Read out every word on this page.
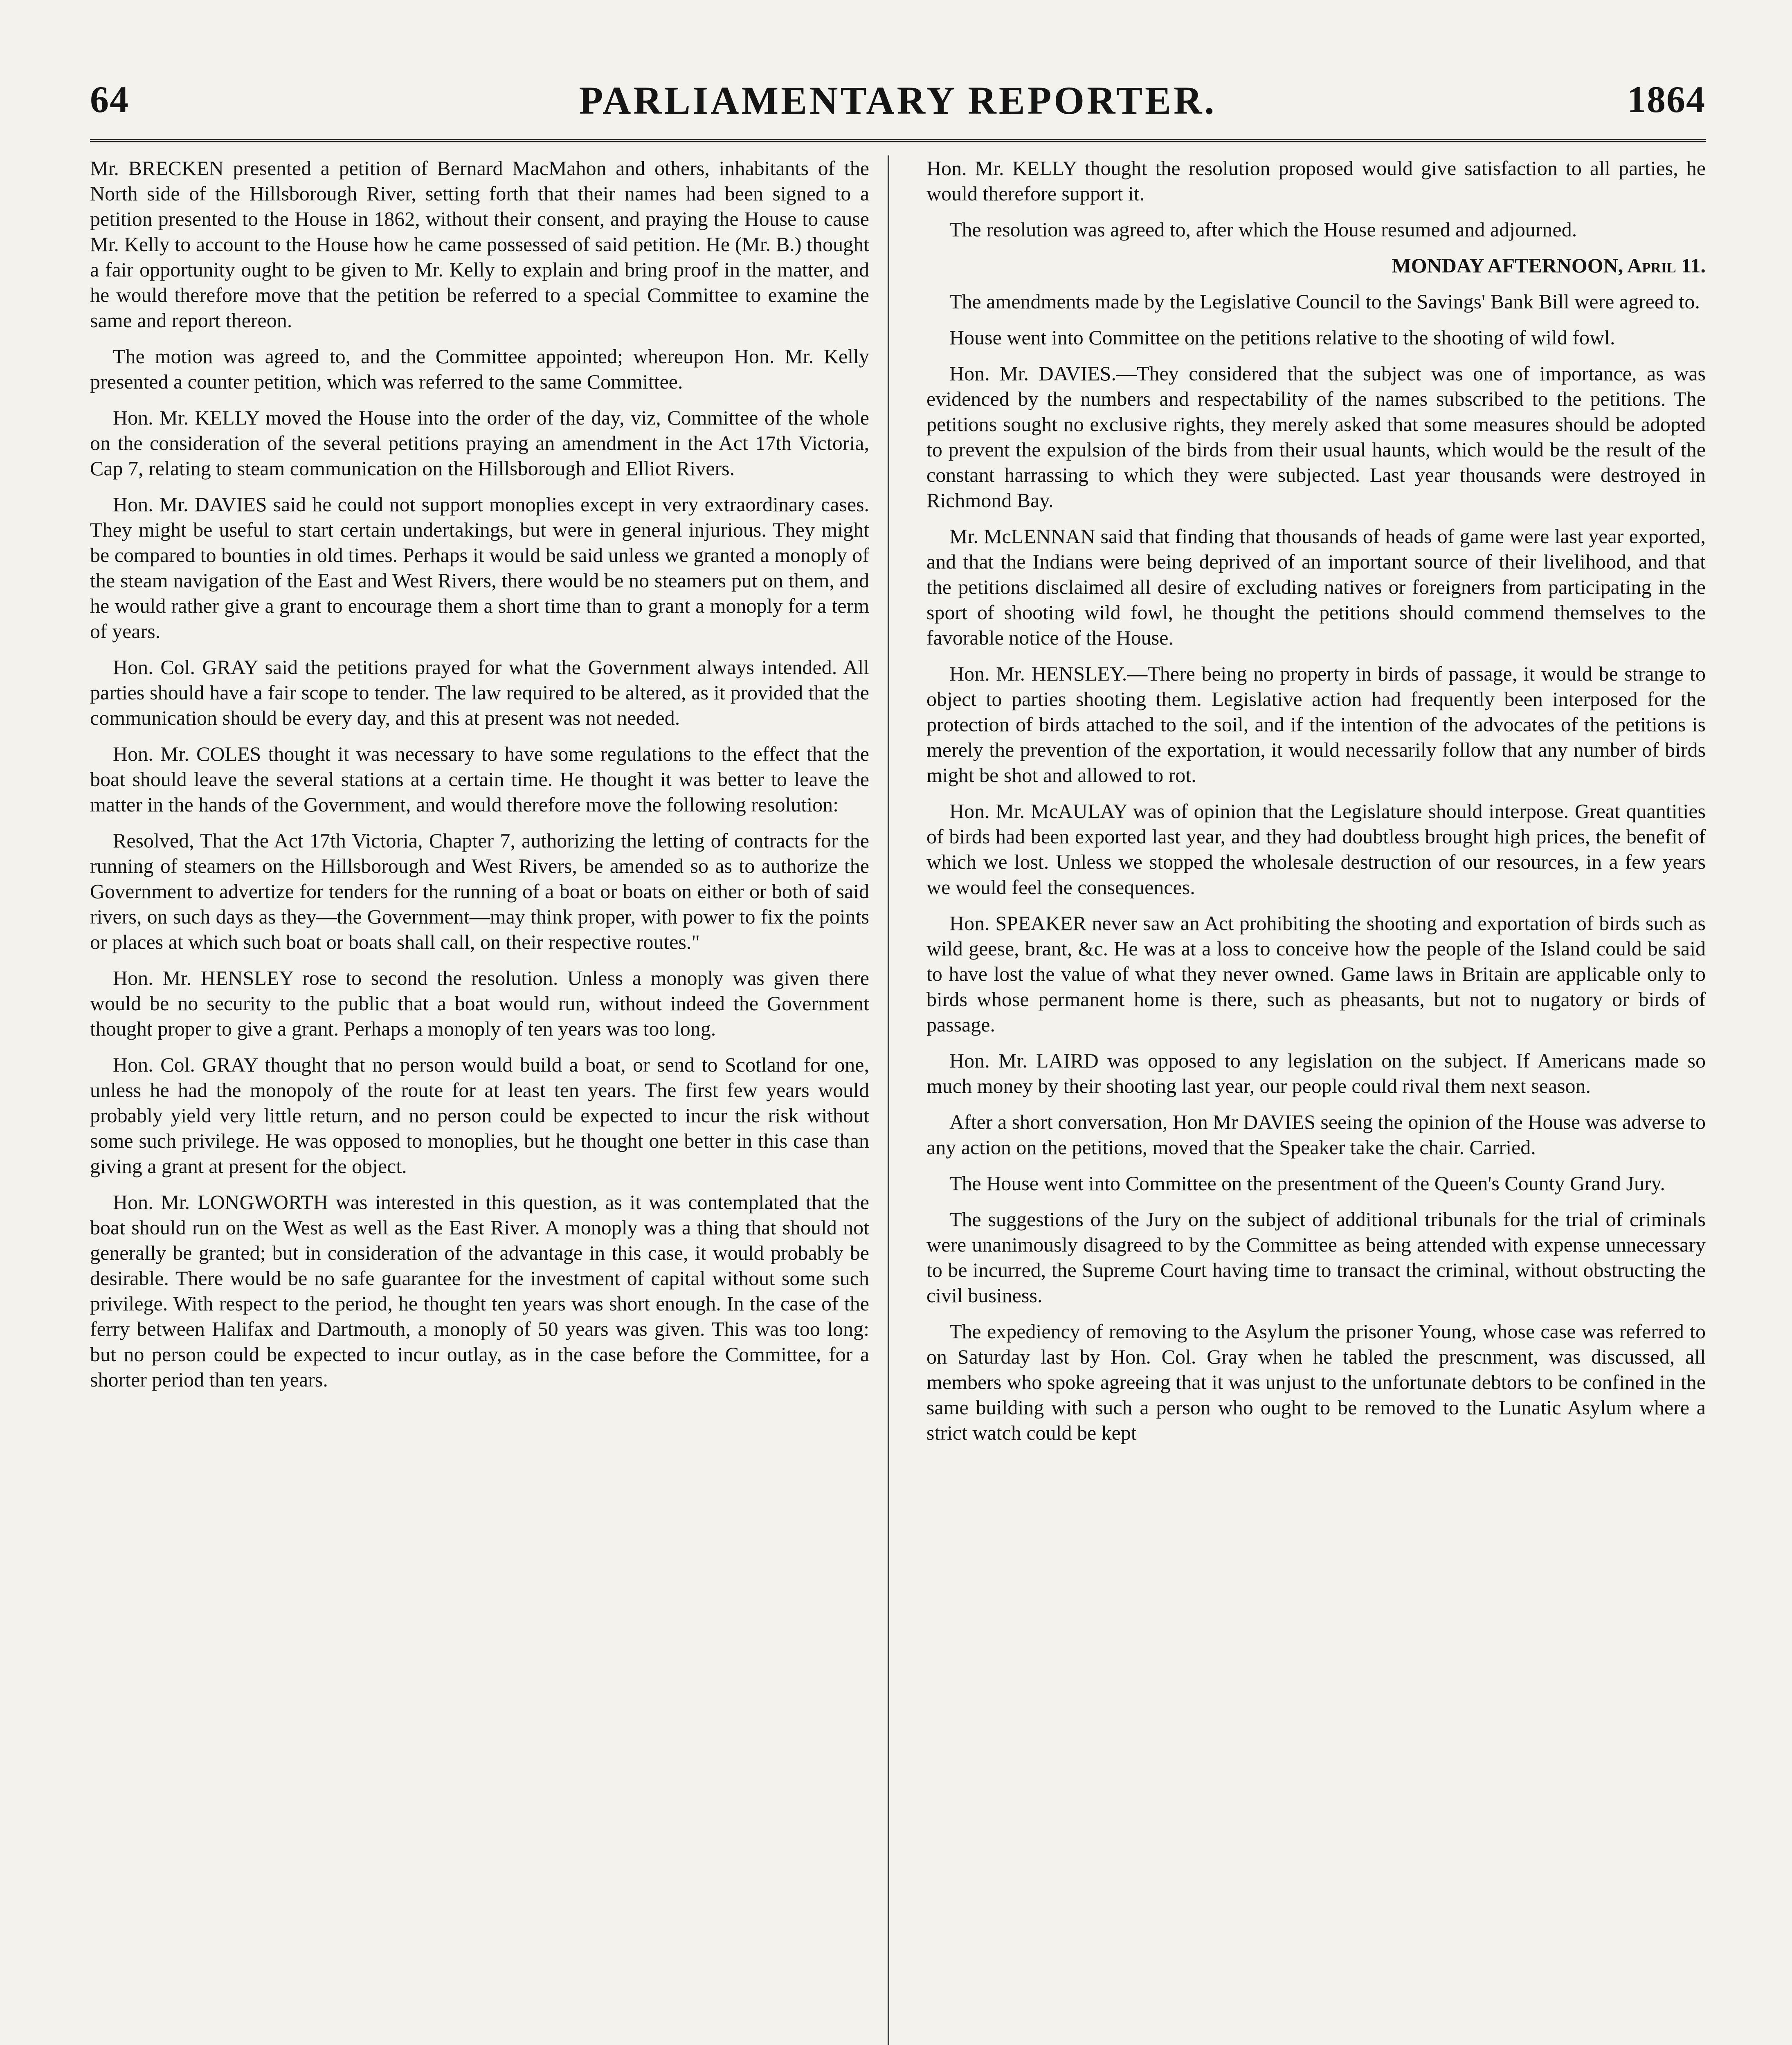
64	PARLIAMENTARY REPORTER.	1864

Mr. BRECKEN presented a petition of Bernard MacMahon and others, inhabitants of the North side of the Hillsborough River, setting forth that their names had been signed to a petition presented to the House in 1862, without their consent, and praying the House to cause Mr. Kelly to account to the House how he came possessed of said petition. He (Mr. B.) thought a fair opportunity ought to be given to Mr. Kelly to explain and bring proof in the matter, and he would therefore move that the petition be referred to a special Committee to examine the same and report thereon.

The motion was agreed to, and the Committee appointed; whereupon Hon. Mr. Kelly presented a counter petition, which was referred to the same Committee.

Hon. Mr. KELLY moved the House into the order of the day, viz, Committee of the whole on the consideration of the several petitions praying an amendment in the Act 17th Victoria, Cap 7, relating to steam communication on the Hillsborough and Elliot Rivers.

Hon. Mr. DAVIES said he could not support monoplies except in very extraordinary cases. They might be useful to start certain undertakings, but were in general injurious. They might be compared to bounties in old times. Perhaps it would be said unless we granted a monoply of the steam navigation of the East and West Rivers, there would be no steamers put on them, and he would rather give a grant to encourage them a short time than to grant a monoply for a term of years.

Hon. Col. GRAY said the petitions prayed for what the Government always intended. All parties should have a fair scope to tender. The law required to be altered, as it provided that the communication should be every day, and this at present was not needed.

Hon. Mr. COLES thought it was necessary to have some regulations to the effect that the boat should leave the several stations at a certain time. He thought it was better to leave the matter in the hands of the Government, and would therefore move the following resolution:

Resolved, That the Act 17th Victoria, Chapter 7, authorizing the letting of contracts for the running of steamers on the Hillsborough and West Rivers, be amended so as to authorize the Government to advertize for tenders for the running of a boat or boats on either or both of said rivers, on such days as they—the Government—may think proper, with power to fix the points or places at which such boat or boats shall call, on their respective routes."

Hon. Mr. HENSLEY rose to second the resolution. Unless a monoply was given there would be no security to the public that a boat would run, without indeed the Government thought proper to give a grant. Perhaps a monoply of ten years was too long.

Hon. Col. GRAY thought that no person would build a boat, or send to Scotland for one, unless he had the monopoly of the route for at least ten years. The first few years would probably yield very little return, and no person could be expected to incur the risk without some such privilege. He was opposed to monoplies, but he thought one better in this case than giving a grant at present for the object.

Hon. Mr. LONGWORTH was interested in this question, as it was contemplated that the boat should run on the West as well as the East River. A monoply was a thing that should not generally be granted; but in consideration of the advantage in this case, it would probably be desirable. There would be no safe guarantee for the investment of capital without some such privilege. With respect to the period, he thought ten years was short enough. In the case of the ferry between Halifax and Dartmouth, a monoply of 50 years was given. This was too long: but no person could be expected to incur outlay, as in the case before the Committee, for a shorter period than ten years.

Hon. Mr. KELLY thought the resolution proposed would give satisfaction to all parties, he would therefore support it.

The resolution was agreed to, after which the House resumed and adjourned.

MONDAY AFTERNOON, April 11.

The amendments made by the Legislative Council to the Savings' Bank Bill were agreed to.

House went into Committee on the petitions relative to the shooting of wild fowl.

Hon. Mr. DAVIES.—They considered that the subject was one of importance, as was evidenced by the numbers and respectability of the names subscribed to the petitions. The petitions sought no exclusive rights, they merely asked that some measures should be adopted to prevent the expulsion of the birds from their usual haunts, which would be the result of the constant harrassing to which they were subjected. Last year thousands were destroyed in Richmond Bay.

Mr. McLENNAN said that finding that thousands of heads of game were last year exported, and that the Indians were being deprived of an important source of their livelihood, and that the petitions disclaimed all desire of excluding natives or foreigners from participating in the sport of shooting wild fowl, he thought the petitions should commend themselves to the favorable notice of the House.

Hon. Mr. HENSLEY.—There being no property in birds of passage, it would be strange to object to parties shooting them. Legislative action had frequently been interposed for the protection of birds attached to the soil, and if the intention of the advocates of the petitions is merely the prevention of the exportation, it would necessarily follow that any number of birds might be shot and allowed to rot.

Hon. Mr. McAULAY was of opinion that the Legislature should interpose. Great quantities of birds had been exported last year, and they had doubtless brought high prices, the benefit of which we lost. Unless we stopped the wholesale destruction of our resources, in a few years we would feel the consequences.

Hon. SPEAKER never saw an Act prohibiting the shooting and exportation of birds such as wild geese, brant, &c. He was at a loss to conceive how the people of the Island could be said to have lost the value of what they never owned. Game laws in Britain are applicable only to birds whose permanent home is there, such as pheasants, but not to nugatory or birds of passage.

Hon. Mr. LAIRD was opposed to any legislation on the subject. If Americans made so much money by their shooting last year, our people could rival them next season.

After a short conversation, Hon Mr DAVIES seeing the opinion of the House was adverse to any action on the petitions, moved that the Speaker take the chair. Carried.

The House went into Committee on the presentment of the Queen's County Grand Jury.

The suggestions of the Jury on the subject of additional tribunals for the trial of criminals were unanimously disagreed to by the Committee as being attended with expense unnecessary to be incurred, the Supreme Court having time to transact the criminal, without obstructing the civil business.

The expediency of removing to the Asylum the prisoner Young, whose case was referred to on Saturday last by Hon. Col. Gray when he tabled the prescnment, was discussed, all members who spoke agreeing that it was unjust to the unfortunate debtors to be confined in the same building with such a person who ought to be removed to the Lunatic Asylum where a strict watch could be kept
